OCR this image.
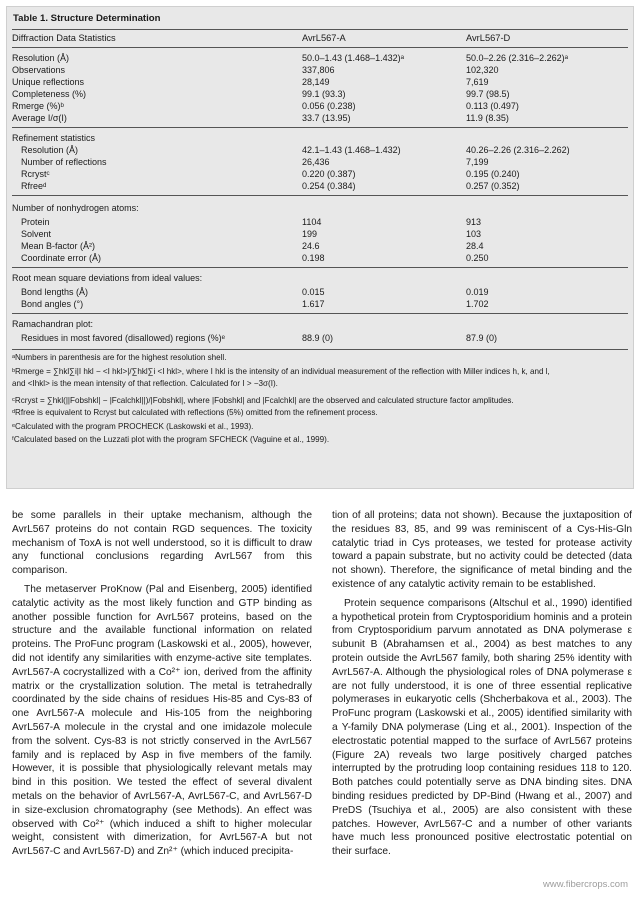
Table 1. Structure Determination
Diffraction Data Statistics	AvrL567-A	AvrL567-D
Resolution (Å)	50.0–1.43 (1.468–1.432)ᵃ	50.0–2.26 (2.316–2.262)ᵃ
Observations	337,806	102,320
Unique reflections	28,149	7,619
Completeness (%)	99.1 (93.3)	99.7 (98.5)
Rmerge (%)ᵇ	0.056 (0.238)	0.113 (0.497)
Average I/σ(I)	33.7 (13.95)	11.9 (8.35)
Refinement statistics
Resolution (Å)	42.1–1.43 (1.468–1.432)	40.26–2.26 (2.316–2.262)
Number of reflections	26,436	7,199
Rcrystᶜ	0.220 (0.387)	0.195 (0.240)
Rfreeᵈ	0.254 (0.384)	0.257 (0.352)
Number of nonhydrogen atoms:
Protein	1104	913
Solvent	199	103
Mean B-factor (Å²)	24.6	28.4
Coordinate error (Å)	0.198	0.250
Root mean square deviations from ideal values:
Bond lengths (Å)	0.015	0.019
Bond angles (°)	1.617	1.702
Ramachandran plot:
Residues in most favored (disallowed) regions (%)ᵉ	88.9 (0)	87.9 (0)
ᵃNumbers in parenthesis are for the highest resolution shell.
ᵇRmerge = ∑hkl∑i|I hkl − <I hkl>|/∑hkl∑i <I hkl>, where I hkl is the intensity of an individual measurement of the reflection with Miller indices h, k, and l,
and <Ihkl> is the mean intensity of that reflection. Calculated for I > −3σ(I).
ᶜRcryst = ∑hkl(||Fobshkl| − |Fcalchkl||)/|Fobshkl|, where |Fobshkl| and |Fcalchkl| are the observed and calculated structure factor amplitudes.
ᵈRfree is equivalent to Rcryst but calculated with reflections (5%) omitted from the refinement process.
ᵉCalculated with the program PROCHECK (Laskowski et al., 1993).
ᶠCalculated based on the Luzzati plot with the program SFCHECK (Vaguine et al., 1999).

be some parallels in their uptake mechanism, although the AvrL567 proteins do not contain RGD sequences. The toxicity mechanism of ToxA is not well understood, so it is difficult to draw any functional conclusions regarding AvrL567 from this comparison.

The metaserver ProKnow (Pal and Eisenberg, 2005) identified catalytic activity as the most likely function and GTP binding as another possible function for AvrL567 proteins, based on the structure and the available functional information on related proteins. The ProFunc program (Laskowski et al., 2005), however, did not identify any similarities with enzyme-active site templates. AvrL567-A cocrystallized with a Co²⁺ ion, derived from the affinity matrix or the crystallization solution. The metal is tetrahedrally coordinated by the side chains of residues His-85 and Cys-83 of one AvrL567-A molecule and His-105 from the neighboring AvrL567-A molecule in the crystal and one imidazole molecule from the solvent. Cys-83 is not strictly conserved in the AvrL567 family and is replaced by Asp in five members of the family. However, it is possible that physiologically relevant metals may bind in this position. We tested the effect of several divalent metals on the behavior of AvrL567-A, AvrL567-C, and AvrL567-D in size-exclusion chromatography (see Methods). An effect was observed with Co²⁺ (which induced a shift to higher molecular weight, consistent with dimerization, for AvrL567-A but not AvrL567-C and AvrL567-D) and Zn²⁺ (which induced precipita-

tion of all proteins; data not shown). Because the juxtaposition of the residues 83, 85, and 99 was reminiscent of a Cys-His-Gln catalytic triad in Cys proteases, we tested for protease activity toward a papain substrate, but no activity could be detected (data not shown). Therefore, the significance of metal binding and the existence of any catalytic activity remain to be established.

Protein sequence comparisons (Altschul et al., 1990) identified a hypothetical protein from Cryptosporidium hominis and a protein from Cryptosporidium parvum annotated as DNA polymerase ε subunit B (Abrahamsen et al., 2004) as best matches to any protein outside the AvrL567 family, both sharing 25% identity with AvrL567-A. Although the physiological roles of DNA polymerase ε are not fully understood, it is one of three essential replicative polymerases in eukaryotic cells (Shcherbakova et al., 2003). The ProFunc program (Laskowski et al., 2005) identified similarity with a Y-family DNA polymerase (Ling et al., 2001). Inspection of the electrostatic potential mapped to the surface of AvrL567 proteins (Figure 2A) reveals two large positively charged patches interrupted by the protruding loop containing residues 118 to 120. Both patches could potentially serve as DNA binding sites. DNA binding residues predicted by DP-Bind (Hwang et al., 2007) and PreDS (Tsuchiya et al., 2005) are also consistent with these patches. However, AvrL567-C and a number of other variants have much less pronounced positive electrostatic potential on their surface.

www.fibercrops.com
